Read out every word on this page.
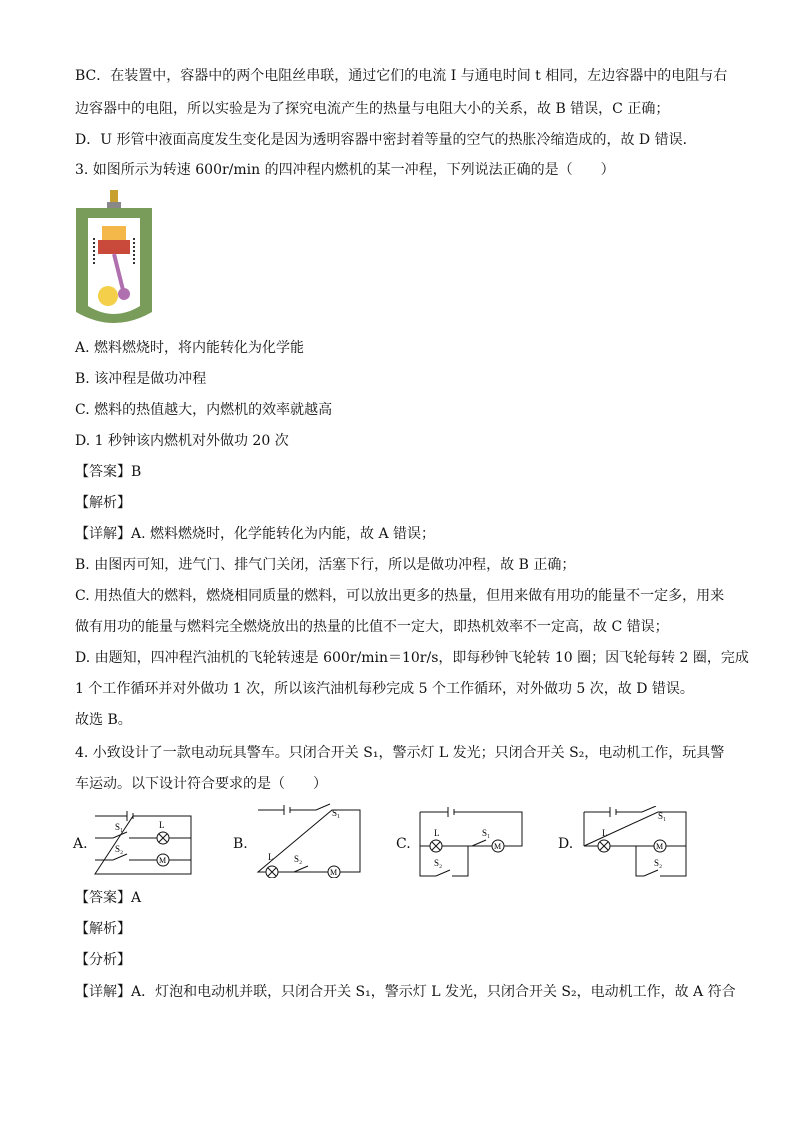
BC．在装置中，容器中的两个电阻丝串联，通过它们的电流 I 与通电时间 t 相同，左边容器中的电阻与右
边容器中的电阻，所以实验是为了探究电流产生的热量与电阻大小的关系，故 B 错误，C 正确；
D．U 形管中液面高度发生变化是因为透明容器中密封着等量的空气的热胀冷缩造成的，故 D 错误．
3. 如图所示为转速 600r/min 的四冲程内燃机的某一冲程，下列说法正确的是（　　）
A. 燃料燃烧时，将内能转化为化学能
B. 该冲程是做功冲程
C. 燃料的热值越大，内燃机的效率就越高
D. 1 秒钟该内燃机对外做功 20 次
【答案】B
【解析】
【详解】A. 燃料燃烧时，化学能转化为内能，故 A 错误；
B. 由图丙可知，进气门、排气门关闭，活塞下行，所以是做功冲程，故 B 正确；
C. 用热值大的燃料，燃烧相同质量的燃料，可以放出更多的热量，但用来做有用功的能量不一定多，用来
做有用功的能量与燃料完全燃烧放出的热量的比值不一定大，即热机效率不一定高，故 C 错误；
D. 由题知，四冲程汽油机的飞轮转速是 600r/min＝10r/s，即每秒钟飞轮转 10 圈；因飞轮每转 2 圈，完成
1 个工作循环并对外做功 1 次，所以该汽油机每秒完成 5 个工作循环，对外做功 5 次，故 D 错误。
故选 B。
4. 小致设计了一款电动玩具警车。只闭合开关 S₁，警示灯 L 发光；只闭合开关 S₂，电动机工作，玩具警
车运动。以下设计符合要求的是（　　）
A.
S₁	L
S₂
M
B.
S₁
L S₂
M
C.
L	S₁
S₂
M	D.
L
S₁
S₂
M
【答案】A
【解析】
【分析】
【详解】A．灯泡和电动机并联，只闭合开关 S₁，警示灯 L 发光，只闭合开关 S₂，电动机工作，故 A 符合
